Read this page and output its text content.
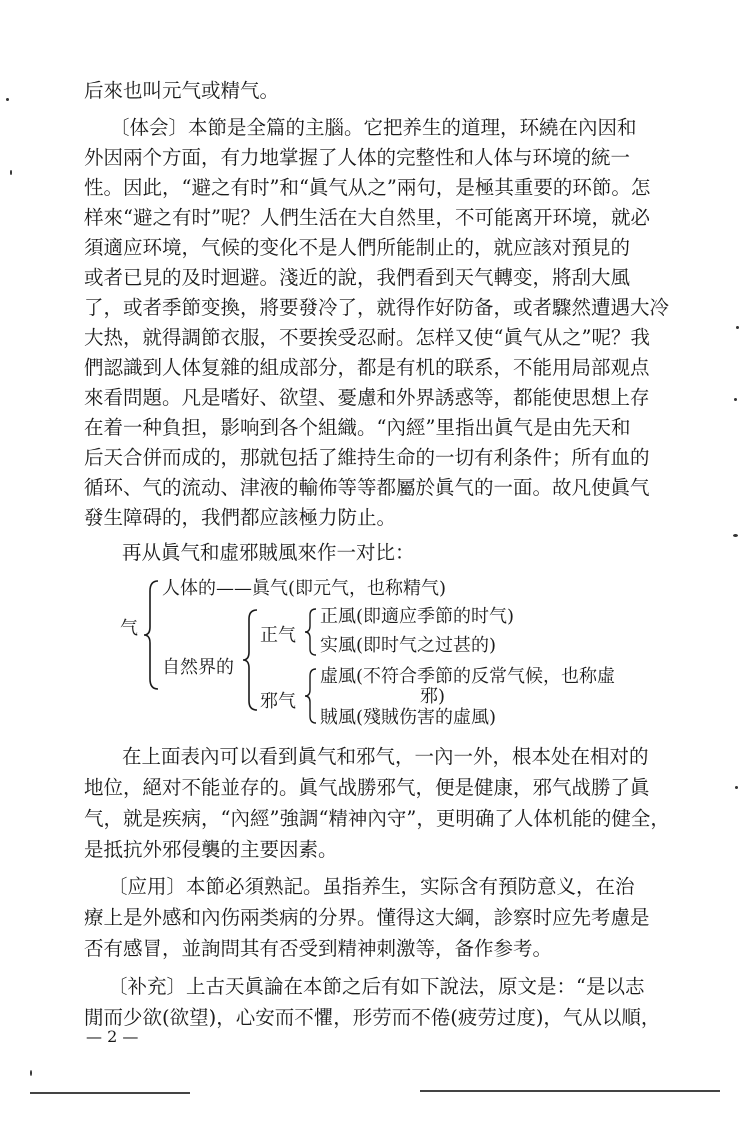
后來也叫元气或精气。
〔体会〕本節是全篇的主腦。它把养生的道理，环繞在內因和
外因兩个方面，有力地掌握了人体的完整性和人体与环境的統一
性。因此，“避之有时”和“眞气从之”兩句，是極其重要的环節。怎
样來“避之有时”呢？人們生活在大自然里，不可能离开环境，就必
須適应环境，气候的变化不是人們所能制止的，就应該对預見的
或者已見的及时迴避。淺近的說，我們看到天气轉变，將刮大風
了，或者季節变換，將要發冷了，就得作好防备，或者驟然遭遇大冷
大热，就得調節衣服，不要挨受忍耐。怎样又使“眞气从之”呢？我
們認識到人体复雜的組成部分，都是有机的联系，不能用局部观点
來看問題。凡是嗜好、欲望、憂慮和外界誘惑等，都能使思想上存
在着一种負担，影响到各个組織。“內經”里指出眞气是由先天和
后天合併而成的，那就包括了維持生命的一切有利条件；所有血的
循环、气的流动、津液的輸佈等等都屬於眞气的一面。故凡使眞气
發生障碍的，我們都应該極力防止。
再从眞气和虛邪賊風來作一对比：
气
人体的——眞气(即元气，也称精气)
自然界的
正气
邪气
正風(即適应季節的时气)
实風(即时气之过甚的)
虛風(不符合季節的反常气候，也称虛
邪)
賊風(殘賊伤害的虛風)
在上面表內可以看到眞气和邪气，一內一外，根本处在相对的
地位，絕对不能並存的。眞气战勝邪气，便是健康，邪气战勝了眞
气，就是疾病，“內經”強調“精神內守”，更明确了人体机能的健全，
是抵抗外邪侵襲的主要因素。
〔应用〕本節必須熟記。虽指养生，实际含有預防意义，在治
療上是外感和內伤兩类病的分界。懂得这大綱，診察时应先考慮是
否有感冒，並詢問其有否受到精神刺激等，备作参考。
〔补充〕上古天眞論在本節之后有如下說法，原文是：“是以志
閒而少欲(欲望)，心安而不懼，形劳而不倦(疲劳过度)，气从以順，
— 2 —
